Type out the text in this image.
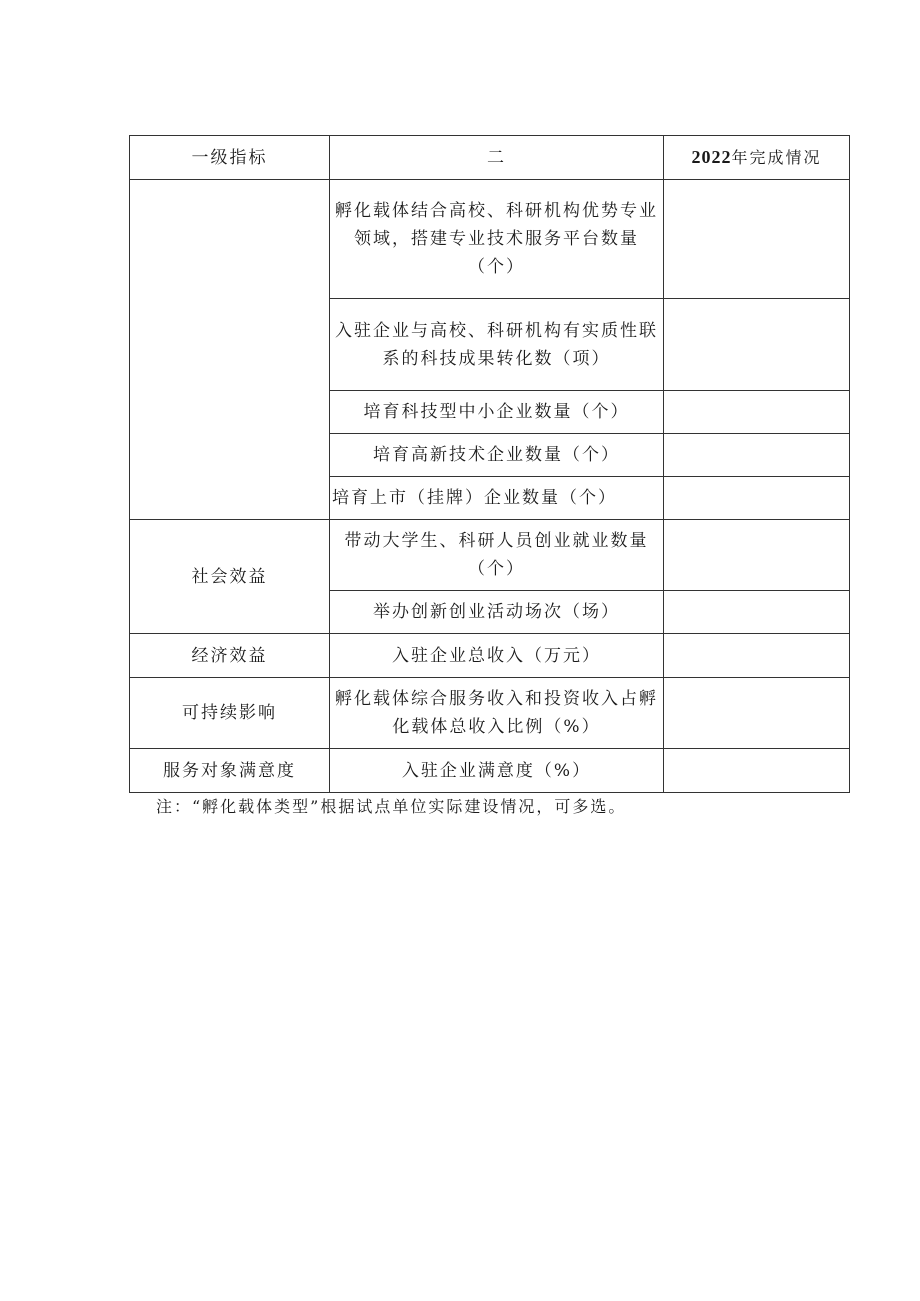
一级指标	二	2022年完成情况
	孵化载体结合高校、科研机构优势专业领域，搭建专业技术服务平台数量（个）	
	入驻企业与高校、科研机构有实质性联系的科技成果转化数（项）	
	培育科技型中小企业数量（个）	
	培育高新技术企业数量（个）	
	培育上市（挂牌）企业数量（个）	
社会效益	带动大学生、科研人员创业就业数量（个）	
	举办创新创业活动场次（场）	
经济效益	入驻企业总收入（万元）	
可持续影响	孵化载体综合服务收入和投资收入占孵化载体总收入比例（%）	
服务对象满意度	入驻企业满意度（%）	
注：“孵化载体类型”根据试点单位实际建设情况，可多选。
